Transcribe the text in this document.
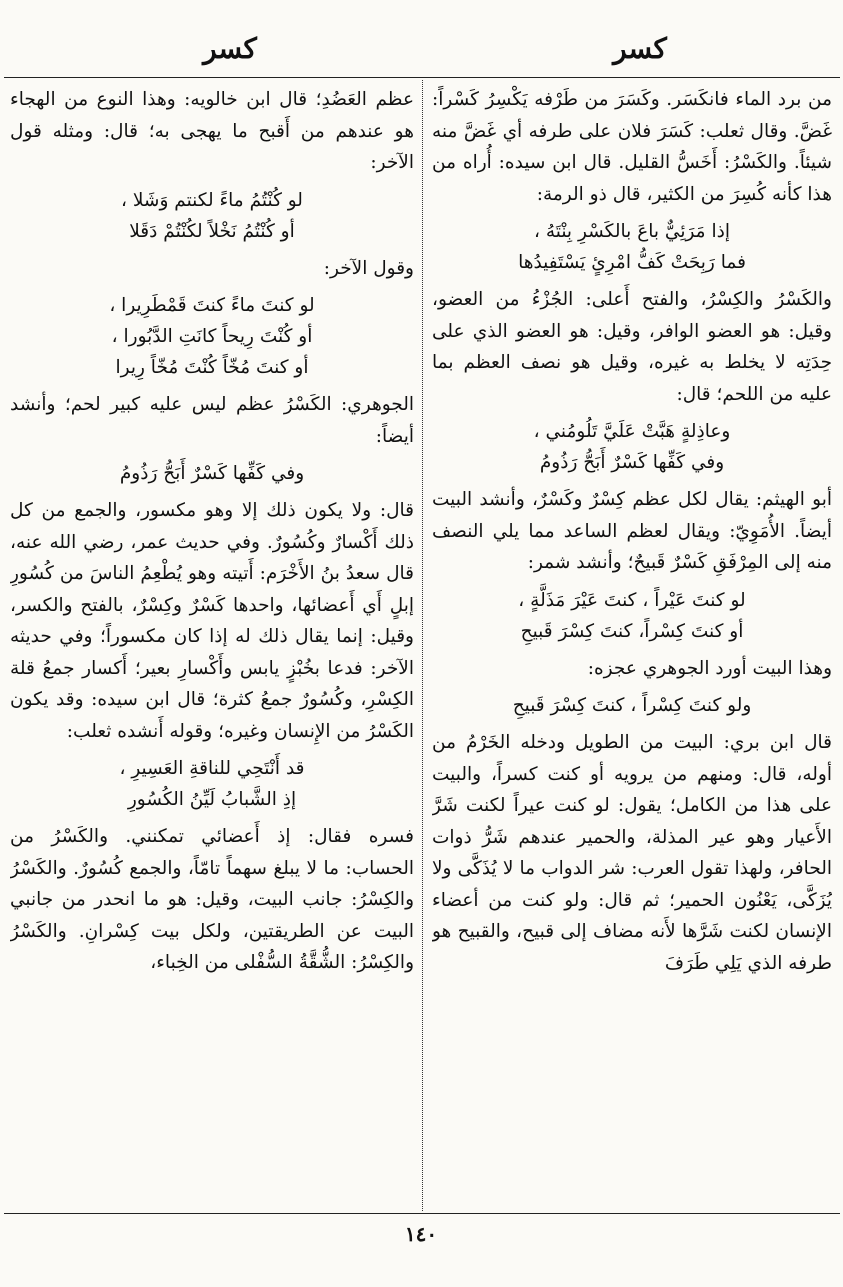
كسر
كسر

من برد الماء فانكَسَر. وكَسَرَ من طَرْفه يَكْسِرُ كَسْراً: غَضَّ. وقال ثعلب: كَسَرَ فلان على طرفه أي غَضَّ منه شيئاً. والكَسْرُ: أَخَسُّ القليل. قال ابن سيده: أُراه من هذا كأنه كُسِرَ من الكثير، قال ذو الرمة:

إذا مَرَئِيٌّ باعَ بالكَسْرِ بِنْتَهُ ،
فما رَبِحَتْ كَفُّ امْرِئٍ يَسْتَفِيدُها

والكَسْرُ والكِسْرُ، والفتح أَعلى: الجُزْءُ من العضو، وقيل: هو العضو الوافر، وقيل: هو العضو الذي على حِدَتِه لا يخلط به غيره، وقيل هو نصف العظم بما عليه من اللحم؛ قال:

وعاذِلةٍ هَبَّتْ عَلَيَّ تَلُومُني ،
وفي كَفِّها كَسْرٌ أَبَحُّ رَذُومُ

أبو الهيثم: يقال لكل عظم كِسْرٌ وكَسْرٌ، وأنشد البيت أيضاً. الأُمَوِيّ: ويقال لعظم الساعد مما يلي النصف منه إلى المِرْفَقِ كَسْرٌ قَبيحٌ؛ وأنشد شمر:

لو كنتَ عَيْراً ، كنتَ عَيْرَ مَذَلَّةٍ ،
أو كنتَ كِسْراً، كنتَ كِسْرَ قَبيحِ

وهذا البيت أورد الجوهري عجزه:

ولو كنتَ كِسْراً ، كنتَ كِسْرَ قَبيحِ

قال ابن بري: البيت من الطويل ودخله الخَرْمُ من أوله، قال: ومنهم من يرويه أو كنت كسراً، والبيت على هذا من الكامل؛ يقول: لو كنت عيراً لكنت شَرَّ الأَعيار وهو عير المذلة، والحمير عندهم شَرُّ ذوات الحافر، ولهذا تقول العرب: شر الدواب ما لا يُذَكَّى ولا يُزَكَّى، يَعْنُون الحمير؛ ثم قال: ولو كنت من أعضاء الإنسان لكنت شَرَّها لأَنه مضاف إلى قبيح، والقبيح هو طرفه الذي يَلِي طَرَفَ

عظم العَضُدِ؛ قال ابن خالويه: وهذا النوع من الهجاء هو عندهم من أَقبح ما يهجى به؛ قال: ومثله قول الآخر:

لو كُنْتُمُ ماءً لكنتم وَشَلا ،
أو كُنْتُمُ نَخْلاً لكُنْتُمْ دَقَلا

وقول الآخر:

لو كنتَ ماءً كنتَ قَمْطَرِيرا ،
أو كُنْتَ رِيحاً كانَتِ الدَّبُورا ،
أو كنتَ مُخّاً كُنْتَ مُخّاً رِيرا

الجوهري: الكَسْرُ عظم ليس عليه كبير لحم؛ وأنشد أيضاً:

وفي كَفِّها كَسْرٌ أَبَحُّ رَذُومُ

قال: ولا يكون ذلك إلا وهو مكسور، والجمع من كل ذلك أَكْسارٌ وكُسُورٌ. وفي حديث عمر، رضي الله عنه، قال سعدُ بنُ الأَخْرَم: أَتيته وهو يُطْعِمُ الناسَ من كُسُورِ إبلٍ أَي أَعضائها، واحدها كَسْرٌ وكِسْرٌ، بالفتح والكسر، وقيل: إنما يقال ذلك له إذا كان مكسوراً؛ وفي حديثه الآخر: فدعا بخُبْزٍ يابس وأَكْسارِ بعير؛ أَكسار جمعُ قلة الكِسْرِ، وكُسُورٌ جمعُ كثرة؛ قال ابن سيده: وقد يكون الكَسْرُ من الإِنسان وغيره؛ وقوله أَنشده ثعلب:

قد أَنْتَحِي للناقةِ العَسِيرِ ،
إذِ الشَّبابُ لَيِّنُ الكُسُورِ

فسره فقال: إذ أَعضائي تمكنني. والكَسْرُ من الحساب: ما لا يبلغ سهماً تامّاً، والجمع كُسُورٌ. والكَسْرُ والكِسْرُ: جانب البيت، وقيل: هو ما انحدر من جانبي البيت عن الطريقتين، ولكل بيت كِسْرانِ. والكَسْرُ والكِسْرُ: الشُّقَّةُ السُّفْلى من الخِباء،

١٤٠
